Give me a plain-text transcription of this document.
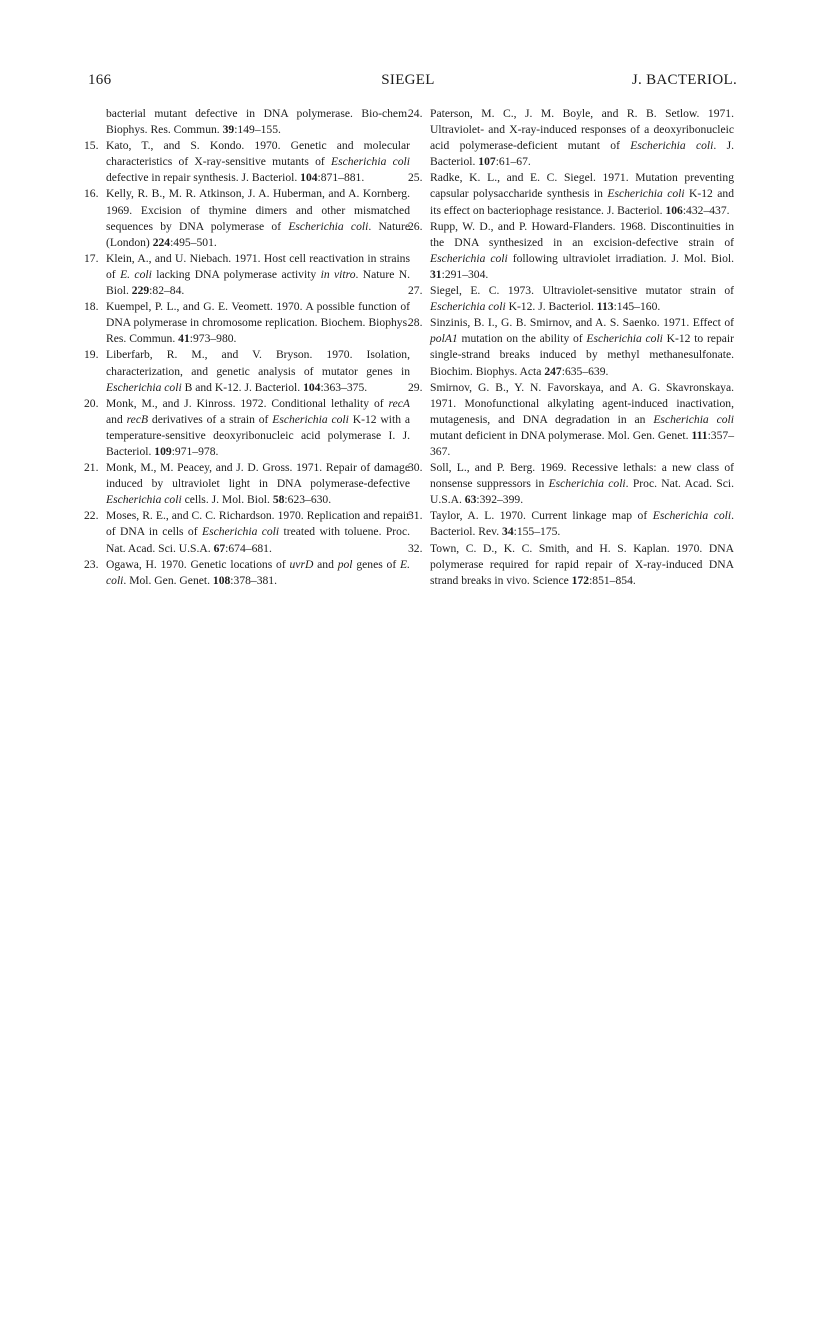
166	SIEGEL	J. BACTERIOL.
bacterial mutant defective in DNA polymerase. Bio-chem. Biophys. Res. Commun. 39:149–155.
15. Kato, T., and S. Kondo. 1970. Genetic and molecular characteristics of X-ray-sensitive mutants of Escherichia coli defective in repair synthesis. J. Bacteriol. 104:871–881.
16. Kelly, R. B., M. R. Atkinson, J. A. Huberman, and A. Kornberg. 1969. Excision of thymine dimers and other mismatched sequences by DNA polymerase of Escherichia coli. Nature (London) 224:495–501.
17. Klein, A., and U. Niebach. 1971. Host cell reactivation in strains of E. coli lacking DNA polymerase activity in vitro. Nature N. Biol. 229:82–84.
18. Kuempel, P. L., and G. E. Veomett. 1970. A possible function of DNA polymerase in chromosome replication. Biochem. Biophys. Res. Commun. 41:973–980.
19. Liberfarb, R. M., and V. Bryson. 1970. Isolation, characterization, and genetic analysis of mutator genes in Escherichia coli B and K-12. J. Bacteriol. 104:363–375.
20. Monk, M., and J. Kinross. 1972. Conditional lethality of recA and recB derivatives of a strain of Escherichia coli K-12 with a temperature-sensitive deoxyribonucleic acid polymerase I. J. Bacteriol. 109:971–978.
21. Monk, M., M. Peacey, and J. D. Gross. 1971. Repair of damage induced by ultraviolet light in DNA polymerase-defective Escherichia coli cells. J. Mol. Biol. 58:623–630.
22. Moses, R. E., and C. C. Richardson. 1970. Replication and repair of DNA in cells of Escherichia coli treated with toluene. Proc. Nat. Acad. Sci. U.S.A. 67:674–681.
23. Ogawa, H. 1970. Genetic locations of uvrD and pol genes of E. coli. Mol. Gen. Genet. 108:378–381.
24. Paterson, M. C., J. M. Boyle, and R. B. Setlow. 1971. Ultraviolet- and X-ray-induced responses of a deoxyribonucleic acid polymerase-deficient mutant of Escherichia coli. J. Bacteriol. 107:61–67.
25. Radke, K. L., and E. C. Siegel. 1971. Mutation preventing capsular polysaccharide synthesis in Escherichia coli K-12 and its effect on bacteriophage resistance. J. Bacteriol. 106:432–437.
26. Rupp, W. D., and P. Howard-Flanders. 1968. Discontinuities in the DNA synthesized in an excision-defective strain of Escherichia coli following ultraviolet irradiation. J. Mol. Biol. 31:291–304.
27. Siegel, E. C. 1973. Ultraviolet-sensitive mutator strain of Escherichia coli K-12. J. Bacteriol. 113:145–160.
28. Sinzinis, B. I., G. B. Smirnov, and A. S. Saenko. 1971. Effect of polA1 mutation on the ability of Escherichia coli K-12 to repair single-strand breaks induced by methyl methanesulfonate. Biochim. Biophys. Acta 247:635–639.
29. Smirnov, G. B., Y. N. Favorskaya, and A. G. Skavronskaya. 1971. Monofunctional alkylating agent-induced inactivation, mutagenesis, and DNA degradation in an Escherichia coli mutant deficient in DNA polymerase. Mol. Gen. Genet. 111:357–367.
30. Soll, L., and P. Berg. 1969. Recessive lethals: a new class of nonsense suppressors in Escherichia coli. Proc. Nat. Acad. Sci. U.S.A. 63:392–399.
31. Taylor, A. L. 1970. Current linkage map of Escherichia coli. Bacteriol. Rev. 34:155–175.
32. Town, C. D., K. C. Smith, and H. S. Kaplan. 1970. DNA polymerase required for rapid repair of X-ray-induced DNA strand breaks in vivo. Science 172:851–854.
